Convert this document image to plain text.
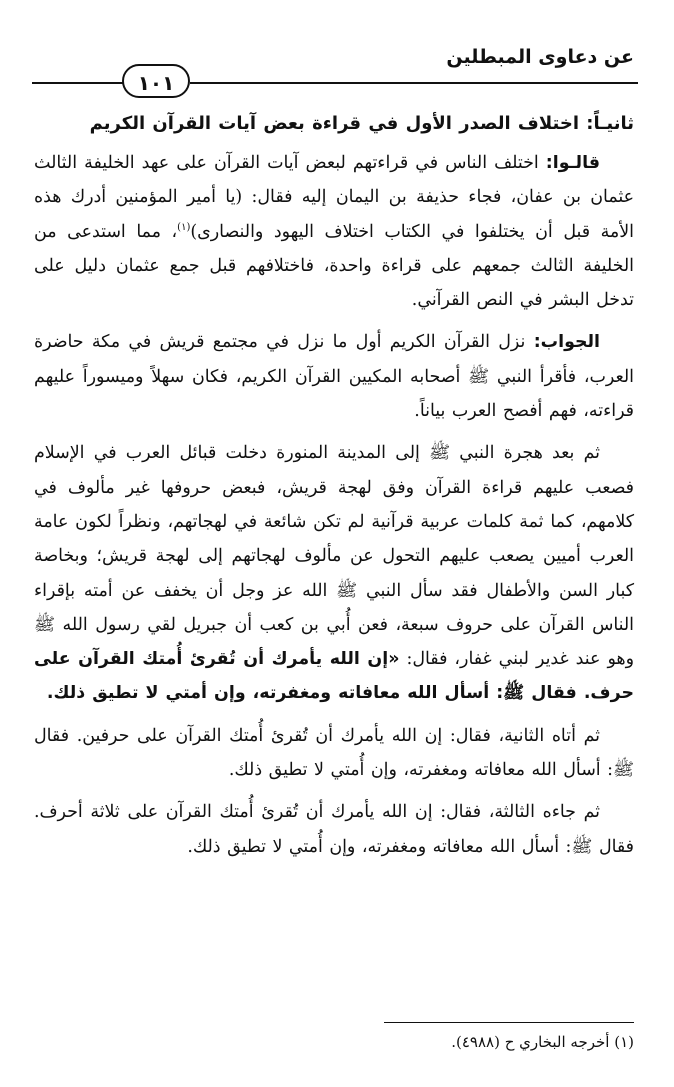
عن دعاوى المبطلين
١٠١
ثانيـاً: اختلاف الصدر الأول في قراءة بعض آيات القرآن الكريم

قالـوا: اختلف الناس في قراءتهم لبعض آيات القرآن على عهد الخليفة الثالث عثمان بن عفان، فجاء حذيفة بن اليمان إليه فقال: (يا أمير المؤمنين أدرك هذه الأمة قبل أن يختلفوا في الكتاب اختلاف اليهود والنصارى)$^{(١)}$، مما استدعى من الخليفة الثالث جمعهم على قراءة واحدة، فاختلافهم قبل جمع عثمان دليل على تدخل البشر في النص القرآني.

الجواب: نزل القرآن الكريم أول ما نزل في مجتمع قريش في مكة حاضرة العرب، فأقرأ النبي ﷺ أصحابه المكيين القرآن الكريم، فكان سهلاً وميسوراً عليهم قراءته، فهم أفصح العرب بياناً.

ثم بعد هجرة النبي ﷺ إلى المدينة المنورة دخلت قبائل العرب في الإسلام فصعب عليهم قراءة القرآن وفق لهجة قريش، فبعض حروفها غير مألوف في كلامهم، كما ثمة كلمات عربية قرآنية لم تكن شائعة في لهجاتهم، ونظراً لكون عامة العرب أميين يصعب عليهم التحول عن مألوف لهجاتهم إلى لهجة قريش؛ وبخاصة كبار السن والأطفال فقد سأل النبي ﷺ الله عز وجل أن يخفف عن أمته بإقراء الناس القرآن على حروف سبعة، فعن أُبي بن كعب أن جبريل لقي رسول الله ﷺ وهو عند غدير لبني غفار، فقال: «إن الله يأمرك أن تُقرئ أُمتك القرآن على حرف. فقال ﷺ: أسأل الله معافاته ومغفرته، وإن أمتي لا تطيق ذلك.

ثم أتاه الثانية، فقال: إن الله يأمرك أن تُقرئ أُمتك القرآن على حرفين. فقال ﷺ: أسأل الله معافاته ومغفرته، وإن أُمتي لا تطيق ذلك.

ثم جاءه الثالثة، فقال: إن الله يأمرك أن تُقرئ أُمتك القرآن على ثلاثة أحرف. فقال ﷺ: أسأل الله معافاته ومغفرته، وإن أُمتي لا تطيق ذلك.

(١) أخرجه البخاري ح (٤٩٨٨).
